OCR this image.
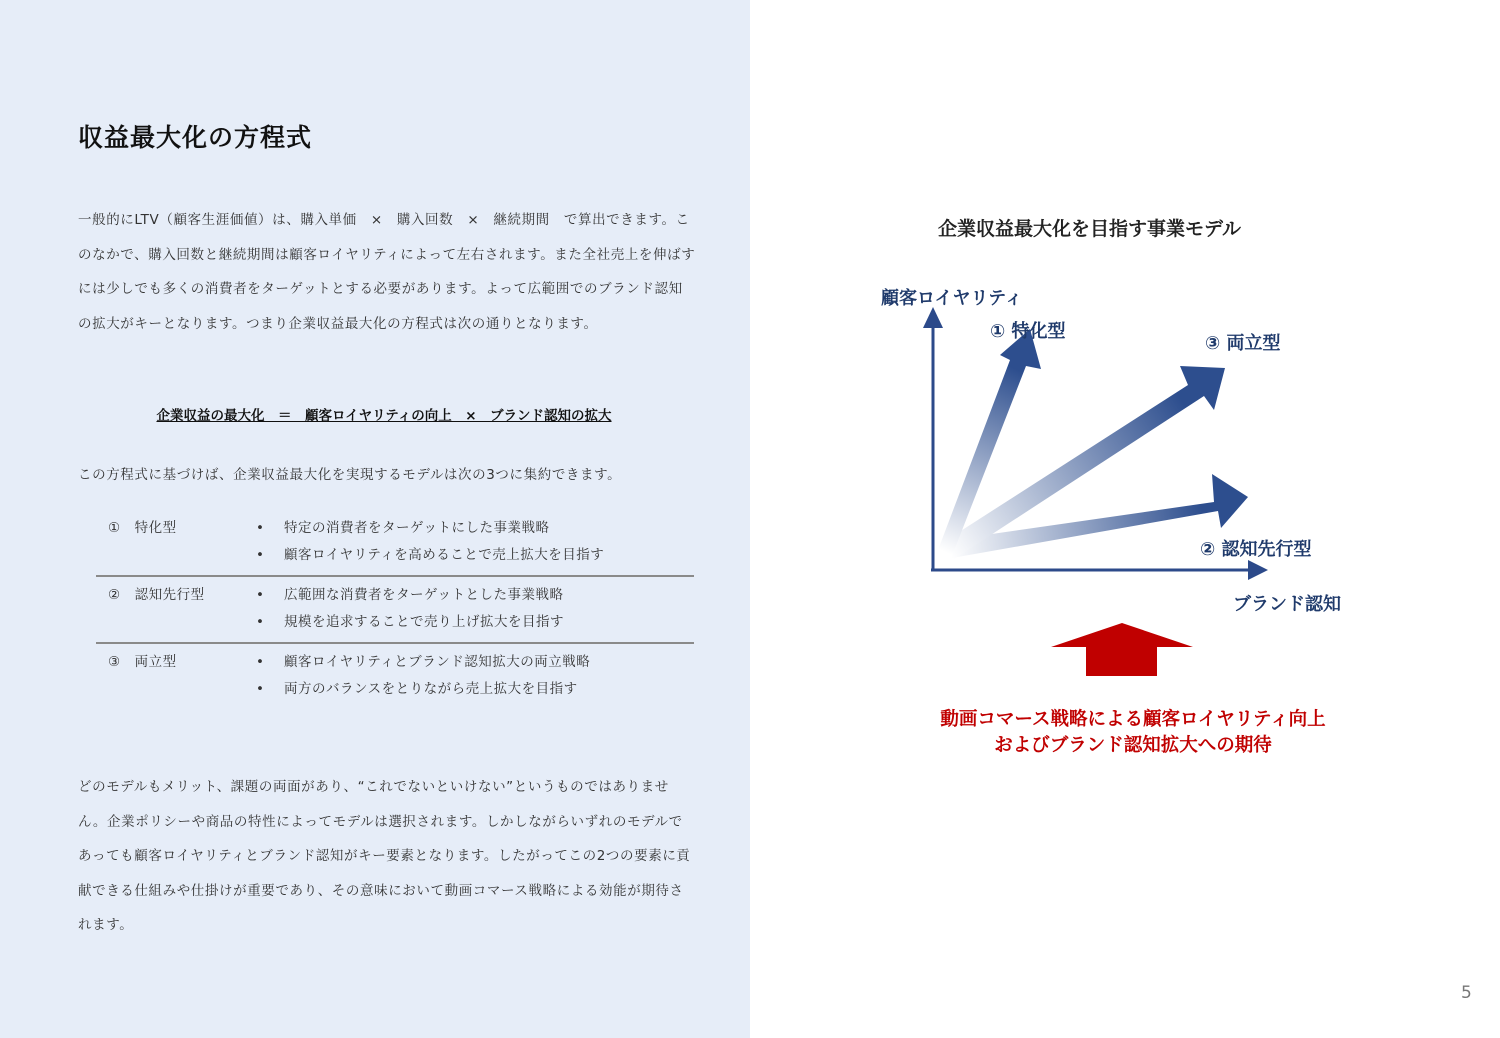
収益最大化の方程式
一般的にLTV（顧客生涯価値）は、購入単価　×　購入回数　×　継続期間　で算出できます。このなかで、購入回数と継続期間は顧客ロイヤリティによって左右されます。また全社売上を伸ばすには少しでも多くの消費者をターゲットとする必要があります。よって広範囲でのブランド認知の拡大がキーとなります。つまり企業収益最大化の方程式は次の通りとなります。
企業収益の最大化　＝　顧客ロイヤリティの向上　×　ブランド認知の拡大
この方程式に基づけば、企業収益最大化を実現するモデルは次の3つに集約できます。
①　特化型	• 特定の消費者をターゲットにした事業戦略
• 顧客ロイヤリティを高めることで売上拡大を目指す
②　認知先行型	• 広範囲な消費者をターゲットとした事業戦略
• 規模を追求することで売り上げ拡大を目指す
③　両立型	• 顧客ロイヤリティとブランド認知拡大の両立戦略
• 両方のバランスをとりながら売上拡大を目指す
どのモデルもメリット、課題の両面があり、“これでないといけない”というものではありません。企業ポリシーや商品の特性によってモデルは選択されます。しかしながらいずれのモデルであっても顧客ロイヤリティとブランド認知がキー要素となります。したがってこの2つの要素に貢献できる仕組みや仕掛けが重要であり、その意味において動画コマース戦略による効能が期待されます。
企業収益最大化を目指す事業モデル
顧客ロイヤリティ
ブランド認知
① 特化型
③ 両立型
② 認知先行型
動画コマース戦略による顧客ロイヤリティ向上
およびブランド認知拡大への期待
5
